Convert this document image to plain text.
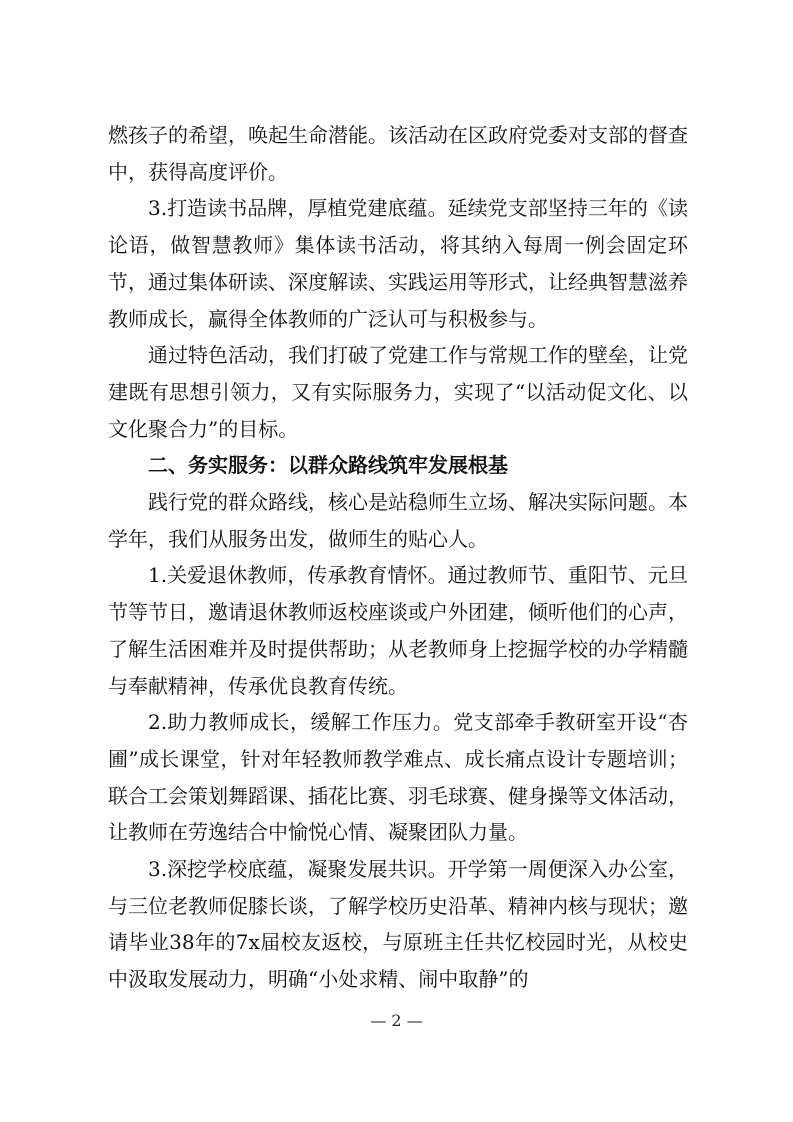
燃孩子的希望，唤起生命潜能。该活动在区政府党委对支部的督查中，获得高度评价。

3.打造读书品牌，厚植党建底蕴。延续党支部坚持三年的《读论语，做智慧教师》集体读书活动，将其纳入每周一例会固定环节，通过集体研读、深度解读、实践运用等形式，让经典智慧滋养教师成长，赢得全体教师的广泛认可与积极参与。

通过特色活动，我们打破了党建工作与常规工作的壁垒，让党建既有思想引领力，又有实际服务力，实现了“以活动促文化、以文化聚合力”的目标。

二、务实服务：以群众路线筑牢发展根基

践行党的群众路线，核心是站稳师生立场、解决实际问题。本学年，我们从服务出发，做师生的贴心人。

1.关爱退休教师，传承教育情怀。通过教师节、重阳节、元旦节等节日，邀请退休教师返校座谈或户外团建，倾听他们的心声，了解生活困难并及时提供帮助；从老教师身上挖掘学校的办学精髓与奉献精神，传承优良教育传统。

2.助力教师成长，缓解工作压力。党支部牵手教研室开设“杏圃”成长课堂，针对年轻教师教学难点、成长痛点设计专题培训；联合工会策划舞蹈课、插花比赛、羽毛球赛、健身操等文体活动，让教师在劳逸结合中愉悦心情、凝聚团队力量。

3.深挖学校底蕴，凝聚发展共识。开学第一周便深入办公室，与三位老教师促膝长谈，了解学校历史沿革、精神内核与现状；邀请毕业38年的7x届校友返校，与原班主任共忆校园时光，从校史中汲取发展动力，明确“小处求精、闹中取静”的

— 2 —
